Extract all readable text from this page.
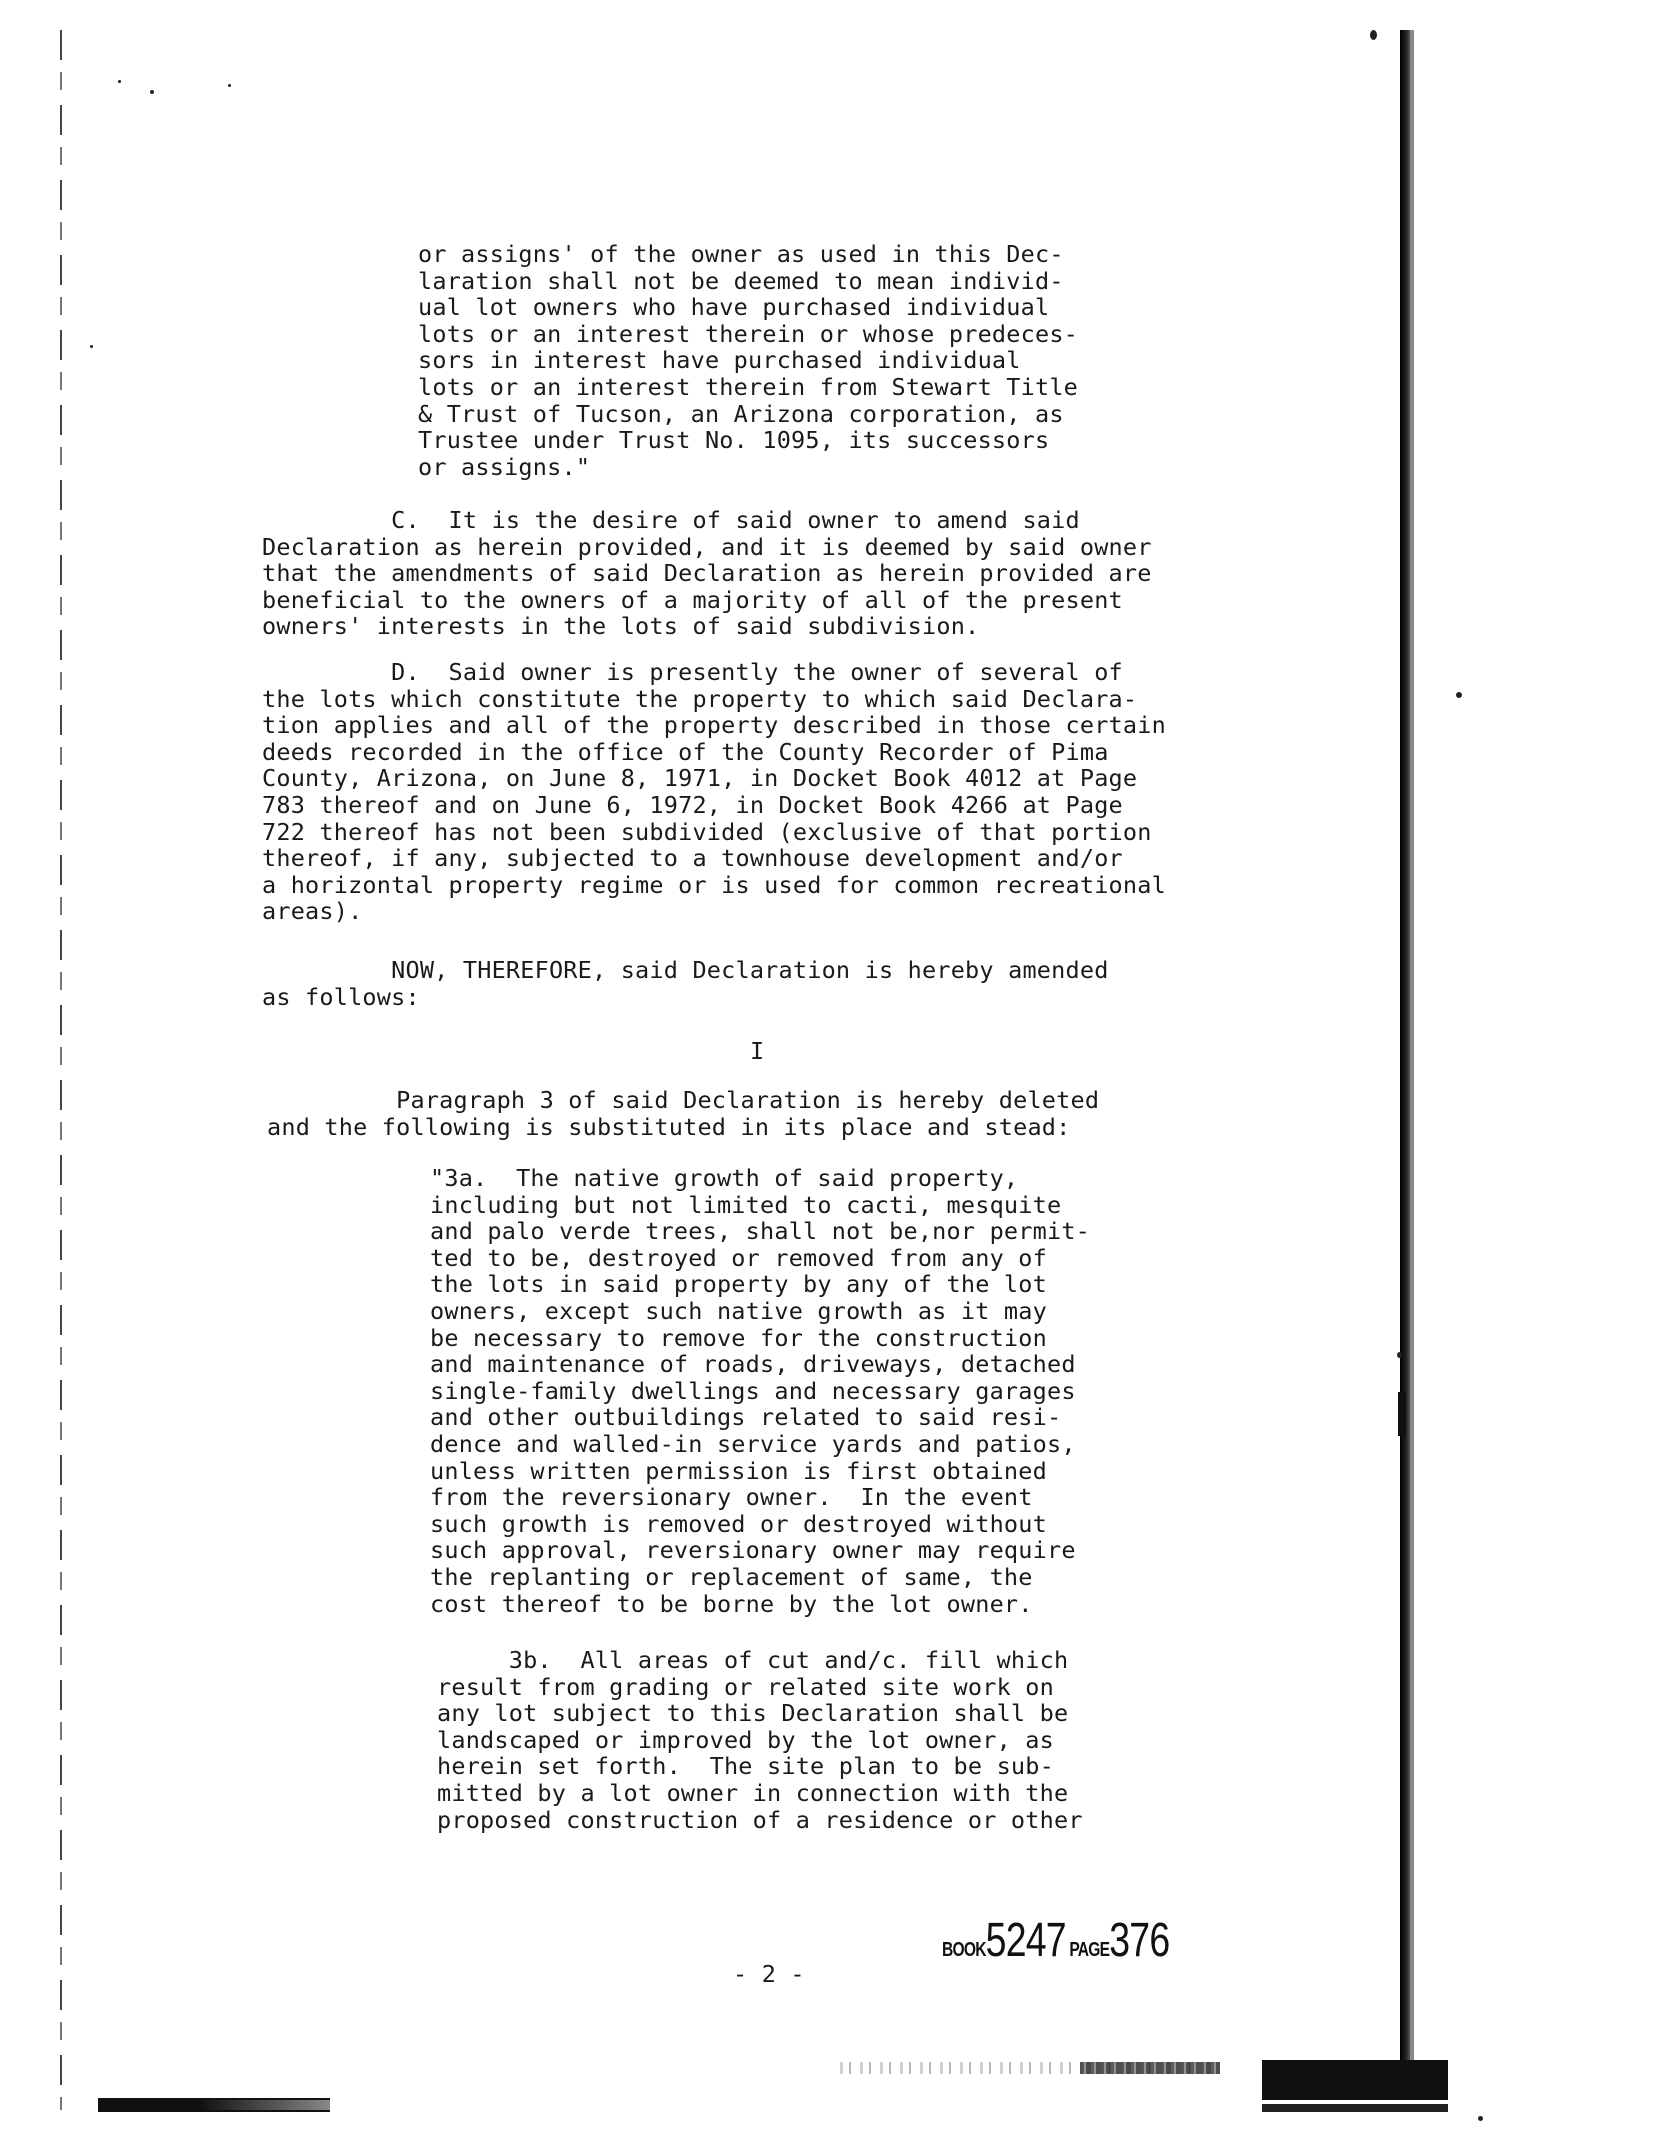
or assigns' of the owner as used in this Dec-
laration shall not be deemed to mean individ-
ual lot owners who have purchased individual
lots or an interest therein or whose predeces-
sors in interest have purchased individual
lots or an interest therein from Stewart Title
& Trust of Tucson, an Arizona corporation, as
Trustee under Trust No. 1095, its successors
or assigns."
C.  It is the desire of said owner to amend said
Declaration as herein provided, and it is deemed by said owner
that the amendments of said Declaration as herein provided are
beneficial to the owners of a majority of all of the present
owners' interests in the lots of said subdivision.
D.  Said owner is presently the owner of several of
the lots which constitute the property to which said Declara-
tion applies and all of the property described in those certain
deeds recorded in the office of the County Recorder of Pima
County, Arizona, on June 8, 1971, in Docket Book 4012 at Page
783 thereof and on June 6, 1972, in Docket Book 4266 at Page
722 thereof has not been subdivided (exclusive of that portion
thereof, if any, subjected to a townhouse development and/or
a horizontal property regime or is used for common recreational
areas).
NOW, THEREFORE, said Declaration is hereby amended
as follows:
I
Paragraph 3 of said Declaration is hereby deleted
and the following is substituted in its place and stead:
"3a.  The native growth of said property,
including but not limited to cacti, mesquite
and palo verde trees, shall not be,nor permit-
ted to be, destroyed or removed from any of
the lots in said property by any of the lot
owners, except such native growth as it may
be necessary to remove for the construction
and maintenance of roads, driveways, detached
single-family dwellings and necessary garages
and other outbuildings related to said resi-
dence and walled-in service yards and patios,
unless written permission is first obtained
from the reversionary owner.  In the event
such growth is removed or destroyed without
such approval, reversionary owner may require
the replanting or replacement of same, the
cost thereof to be borne by the lot owner.
3b.  All areas of cut and/c. fill which
result from grading or related site work on
any lot subject to this Declaration shall be
landscaped or improved by the lot owner, as
herein set forth.  The site plan to be sub-
mitted by a lot owner in connection with the
proposed construction of a residence or other
- 2 -
BOOK5247 PAGE376
